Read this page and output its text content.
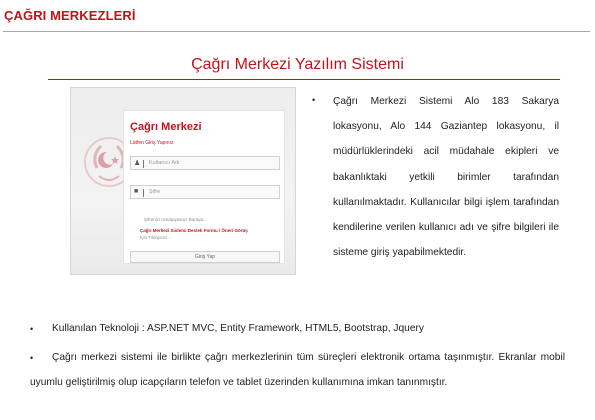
ÇAĞRI MERKEZLERİ
Çağrı Merkezi Yazılım Sistemi
Çağrı Merkezi
Lütfen Giriş Yapınız
♟ Kullanıcı Adı
■ Şifre
Şifrenizi Unuttuysanız Buraya...
Çağrı Merkezi Sistemi Destek Formu / Öneri Görüş
İçin Tıklayınız...
Giriş Yap
• Çağrı Merkezi Sistemi Alo 183 Sakarya lokasyonu, Alo 144 Gaziantep lokasyonu, il müdürlüklerindeki acil müdahale ekipleri ve bakanlıktaki yetkili birimler tarafından kullanılmaktadır. Kullanıcılar bilgi işlem tarafından kendilerine verilen kullanıcı adı ve şifre bilgileri ile sisteme giriş yapabilmektedir.
• Kullanılan Teknoloji : ASP.NET MVC, Entity Framework, HTML5, Bootstrap, Jquery
•	Çağrı merkezi sistemi ile birlikte çağrı merkezlerinin tüm süreçleri elektronik ortama taşınmıştır. Ekranlar mobil uyumlu geliştirilmiş olup icapçıların telefon ve tablet üzerinden kullanımına imkan tanınmıştır.
